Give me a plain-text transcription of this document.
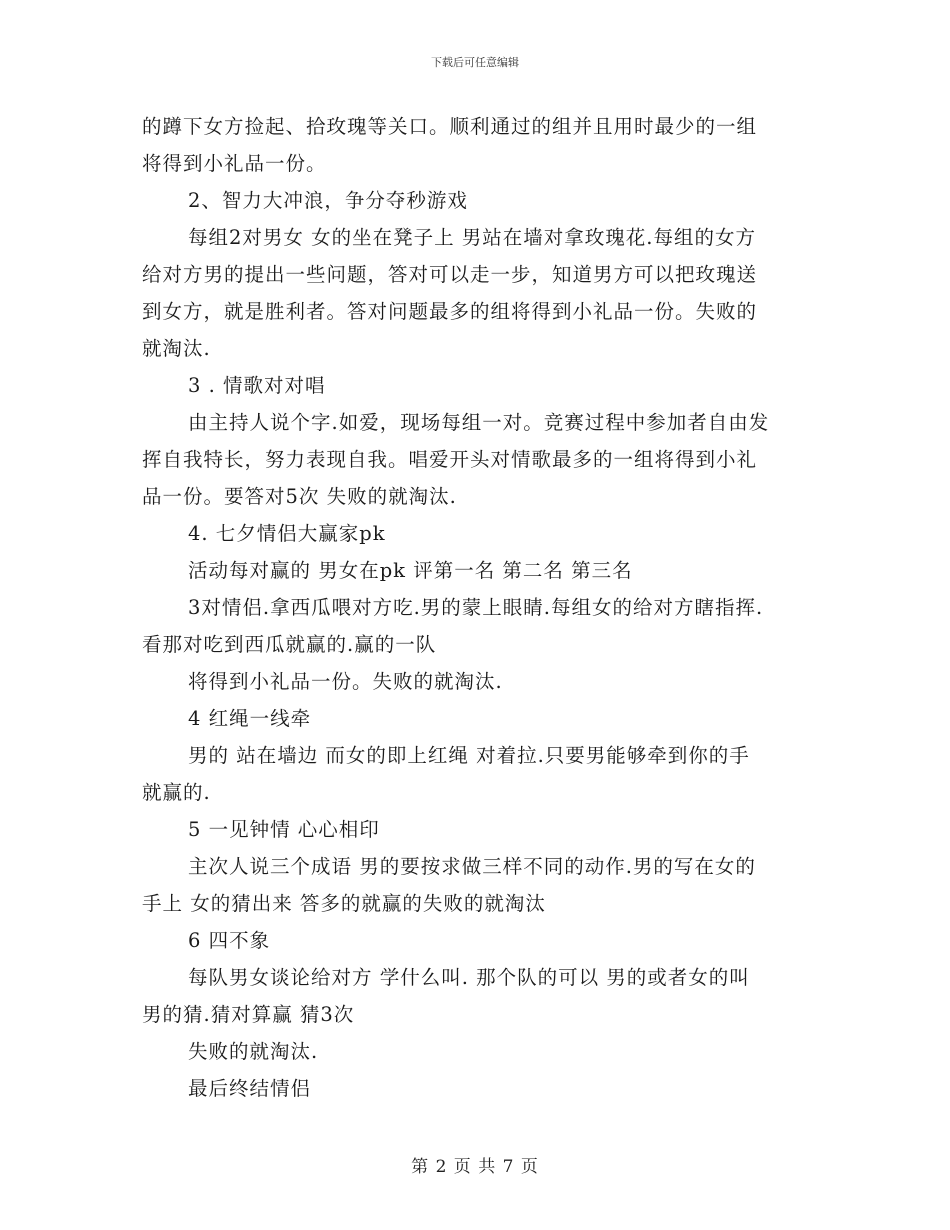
下载后可任意编辑
的蹲下女方捡起、拾玫瑰等关口。顺利通过的组并且用时最少的一组
将得到小礼品一份。
2、智力大冲浪，争分夺秒游戏
每组2对男女 女的坐在凳子上 男站在墙对拿玫瑰花.每组的女方
给对方男的提出一些问题，答对可以走一步，知道男方可以把玫瑰送
到女方，就是胜利者。答对问题最多的组将得到小礼品一份。失败的
就淘汰.
3 . 情歌对对唱
由主持人说个字.如爱，现场每组一对。竞赛过程中参加者自由发
挥自我特长，努力表现自我。唱爱开头对情歌最多的一组将得到小礼
品一份。要答对5次 失败的就淘汰.
4. 七夕情侣大赢家pk
活动每对赢的 男女在pk 评第一名 第二名 第三名
3对情侣.拿西瓜喂对方吃.男的蒙上眼睛.每组女的给对方瞎指挥.
看那对吃到西瓜就赢的.赢的一队
将得到小礼品一份。失败的就淘汰.
4 红绳一线牵
男的 站在墙边 而女的即上红绳 对着拉.只要男能够牵到你的手
就赢的.
5 一见钟情 心心相印
主次人说三个成语 男的要按求做三样不同的动作.男的写在女的
手上 女的猜出来 答多的就赢的失败的就淘汰
6 四不象
每队男女谈论给对方 学什么叫. 那个队的可以 男的或者女的叫
男的猜.猜对算赢 猜3次
失败的就淘汰.
最后终结情侣
第 2 页 共 7 页
